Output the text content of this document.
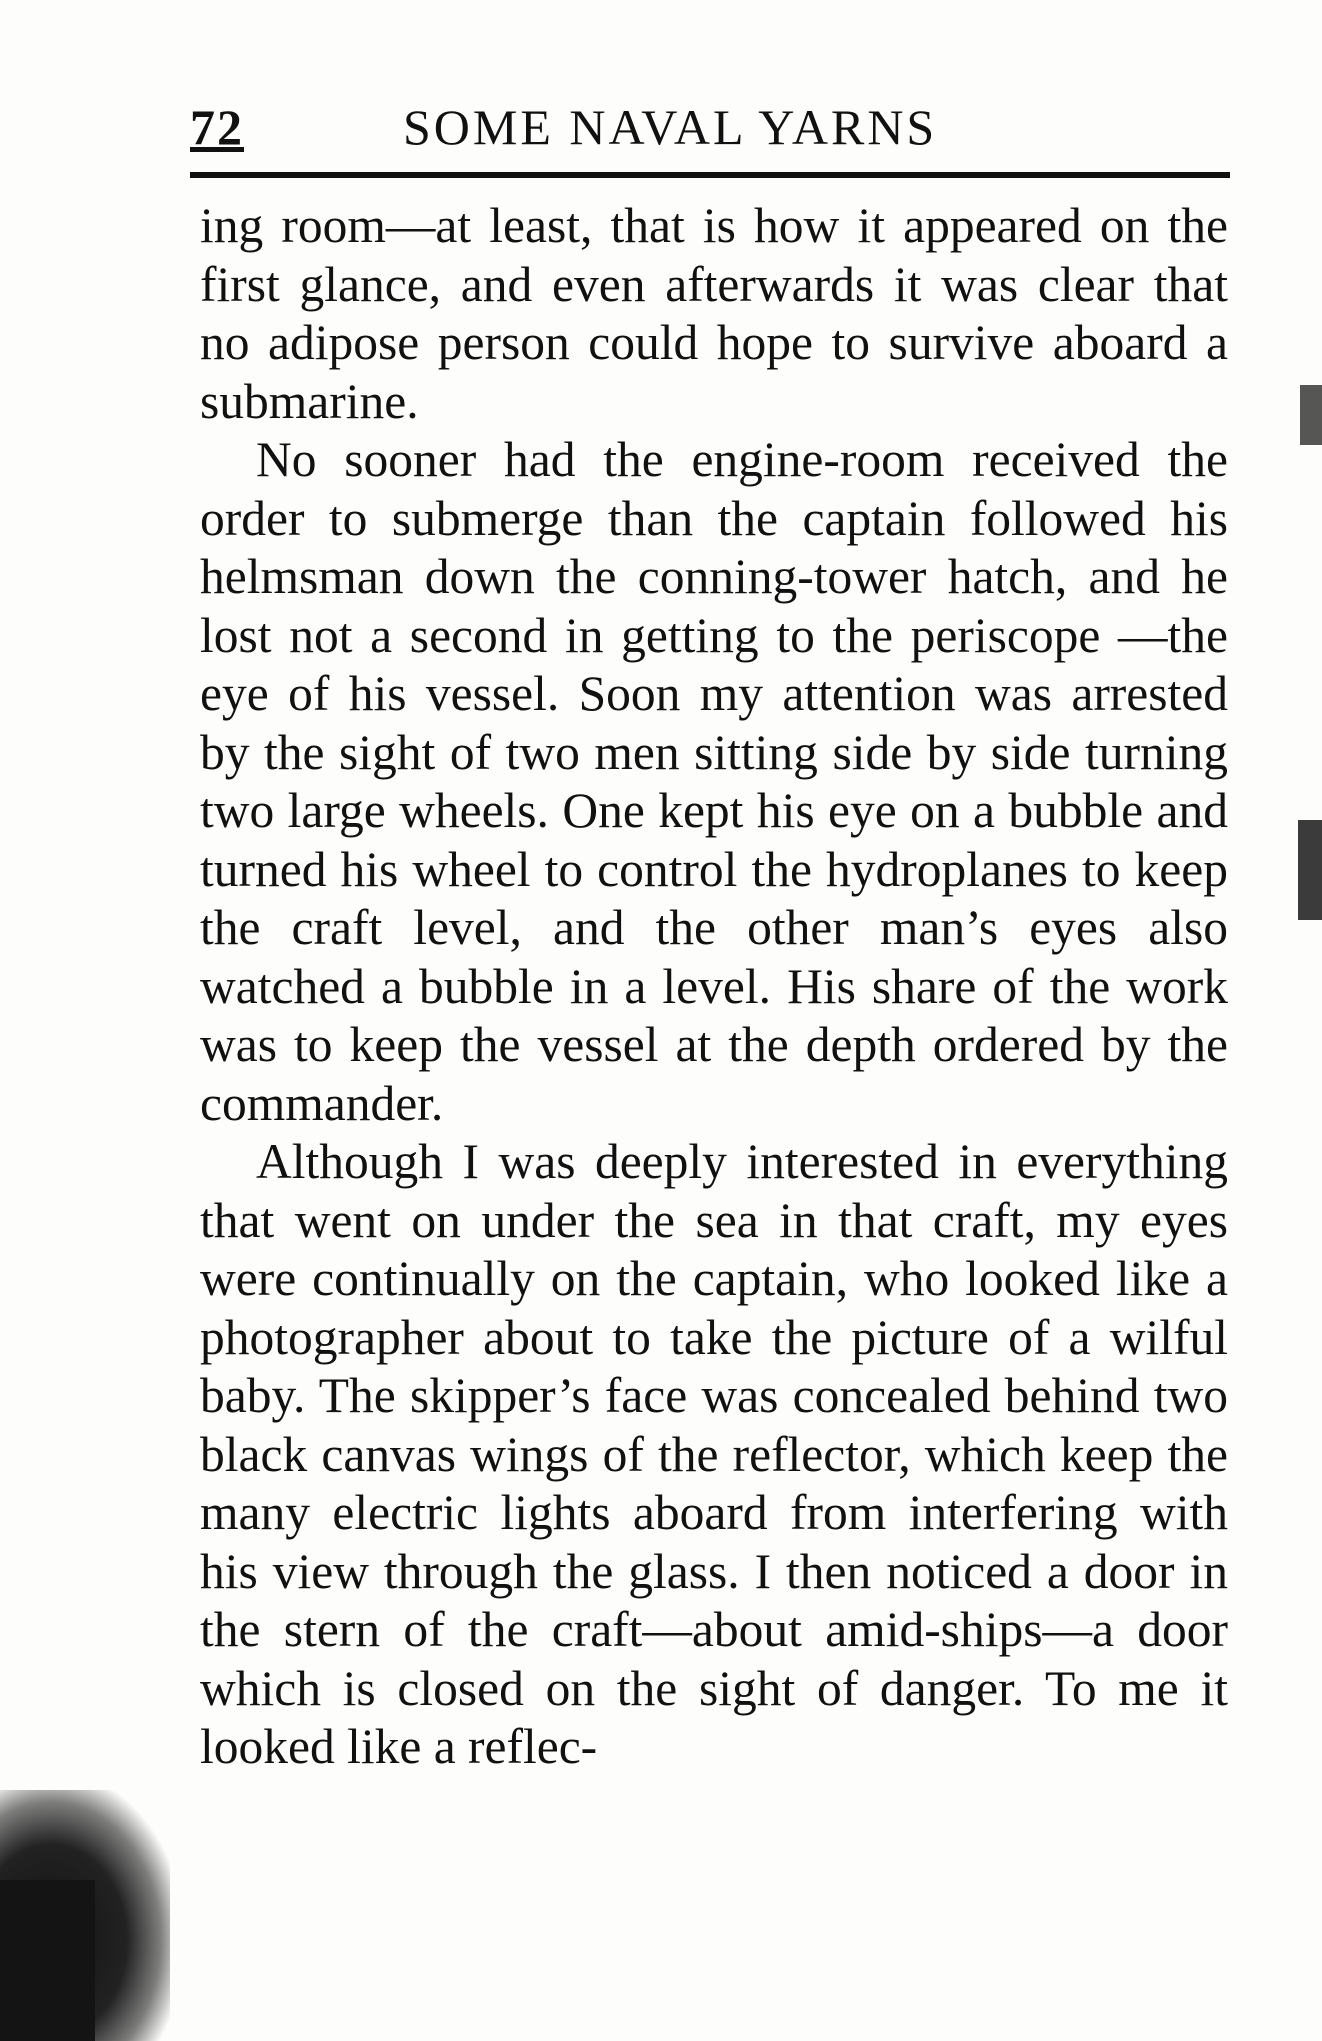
72	SOME NAVAL YARNS

ing room—at least, that is how it appeared on the first glance, and even afterwards it was clear that no adipose person could hope to survive aboard a submarine.

No sooner had the engine-room received the order to submerge than the captain followed his helmsman down the conning-tower hatch, and he lost not a second in getting to the periscope —the eye of his vessel. Soon my attention was arrested by the sight of two men sitting side by side turning two large wheels. One kept his eye on a bubble and turned his wheel to control the hydroplanes to keep the craft level, and the other man’s eyes also watched a bubble in a level. His share of the work was to keep the vessel at the depth ordered by the commander.

Although I was deeply interested in everything that went on under the sea in that craft, my eyes were continually on the captain, who looked like a photographer about to take the picture of a wilful baby. The skipper’s face was concealed behind two black canvas wings of the reflector, which keep the many electric lights aboard from interfering with his view through the glass. I then noticed a door in the stern of the craft—about amid-ships—a door which is closed on the sight of danger. To me it looked like a reflec-
